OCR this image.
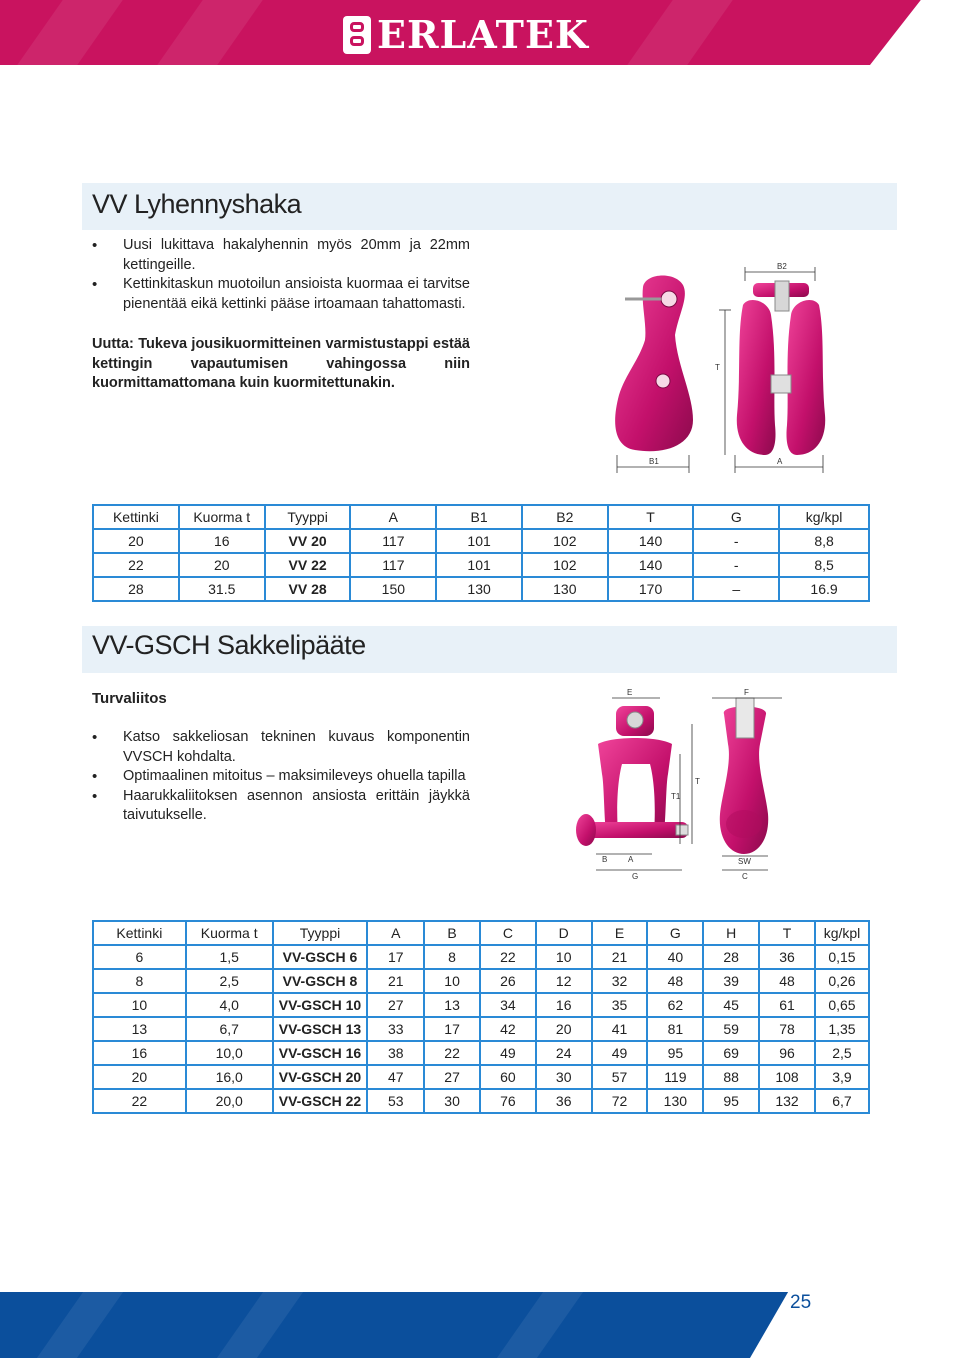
ERLATEK
VV Lyhennyshaka
• Uusi lukittava hakalyhennin myös 20mm ja 22mm kettingeille.
• Kettinkitaskun muotoilun ansioista kuormaa ei tarvitse pienentää eikä kettinki pääse irtoamaan tahattomasti.
Uutta: Tukeva jousikuormitteinen varmistustappi estää kettingin vapautumisen vahingossa niin kuormittamattomana kuin kuormitettunakin.
B2
T
B1	A
Kettinki	Kuorma t	Tyyppi	A	B1	B2	T	G	kg/kpl
20	16	VV 20	117	101	102	140	-	8,8
22	20	VV 22	117	101	102	140	-	8,5
28	31.5	VV 28	150	130	130	170	–	16.9
VV-GSCH Sakkelipääte
Turvaliitos
• Katso sakkeliosan tekninen kuvaus komponentin VVSCH kohdalta.
• Optimaalinen mitoitus – maksimileveys ohuella tapilla
• Haarukkaliitoksen asennon ansiosta erittäin jäykkä taivutukselle.
E	F
T
T1
B	A
G
SW
C
Kettinki	Kuorma t	Tyyppi	A	B	C	D	E	G	H	T	kg/kpl
6	1,5	VV-GSCH 6	17	8	22	10	21	40	28	36	0,15
8	2,5	VV-GSCH 8	21	10	26	12	32	48	39	48	0,26
10	4,0	VV-GSCH 10	27	13	34	16	35	62	45	61	0,65
13	6,7	VV-GSCH 13	33	17	42	20	41	81	59	78	1,35
16	10,0	VV-GSCH 16	38	22	49	24	49	95	69	96	2,5
20	16,0	VV-GSCH 20	47	27	60	30	57	119	88	108	3,9
22	20,0	VV-GSCH 22	53	30	76	36	72	130	95	132	6,7
25
